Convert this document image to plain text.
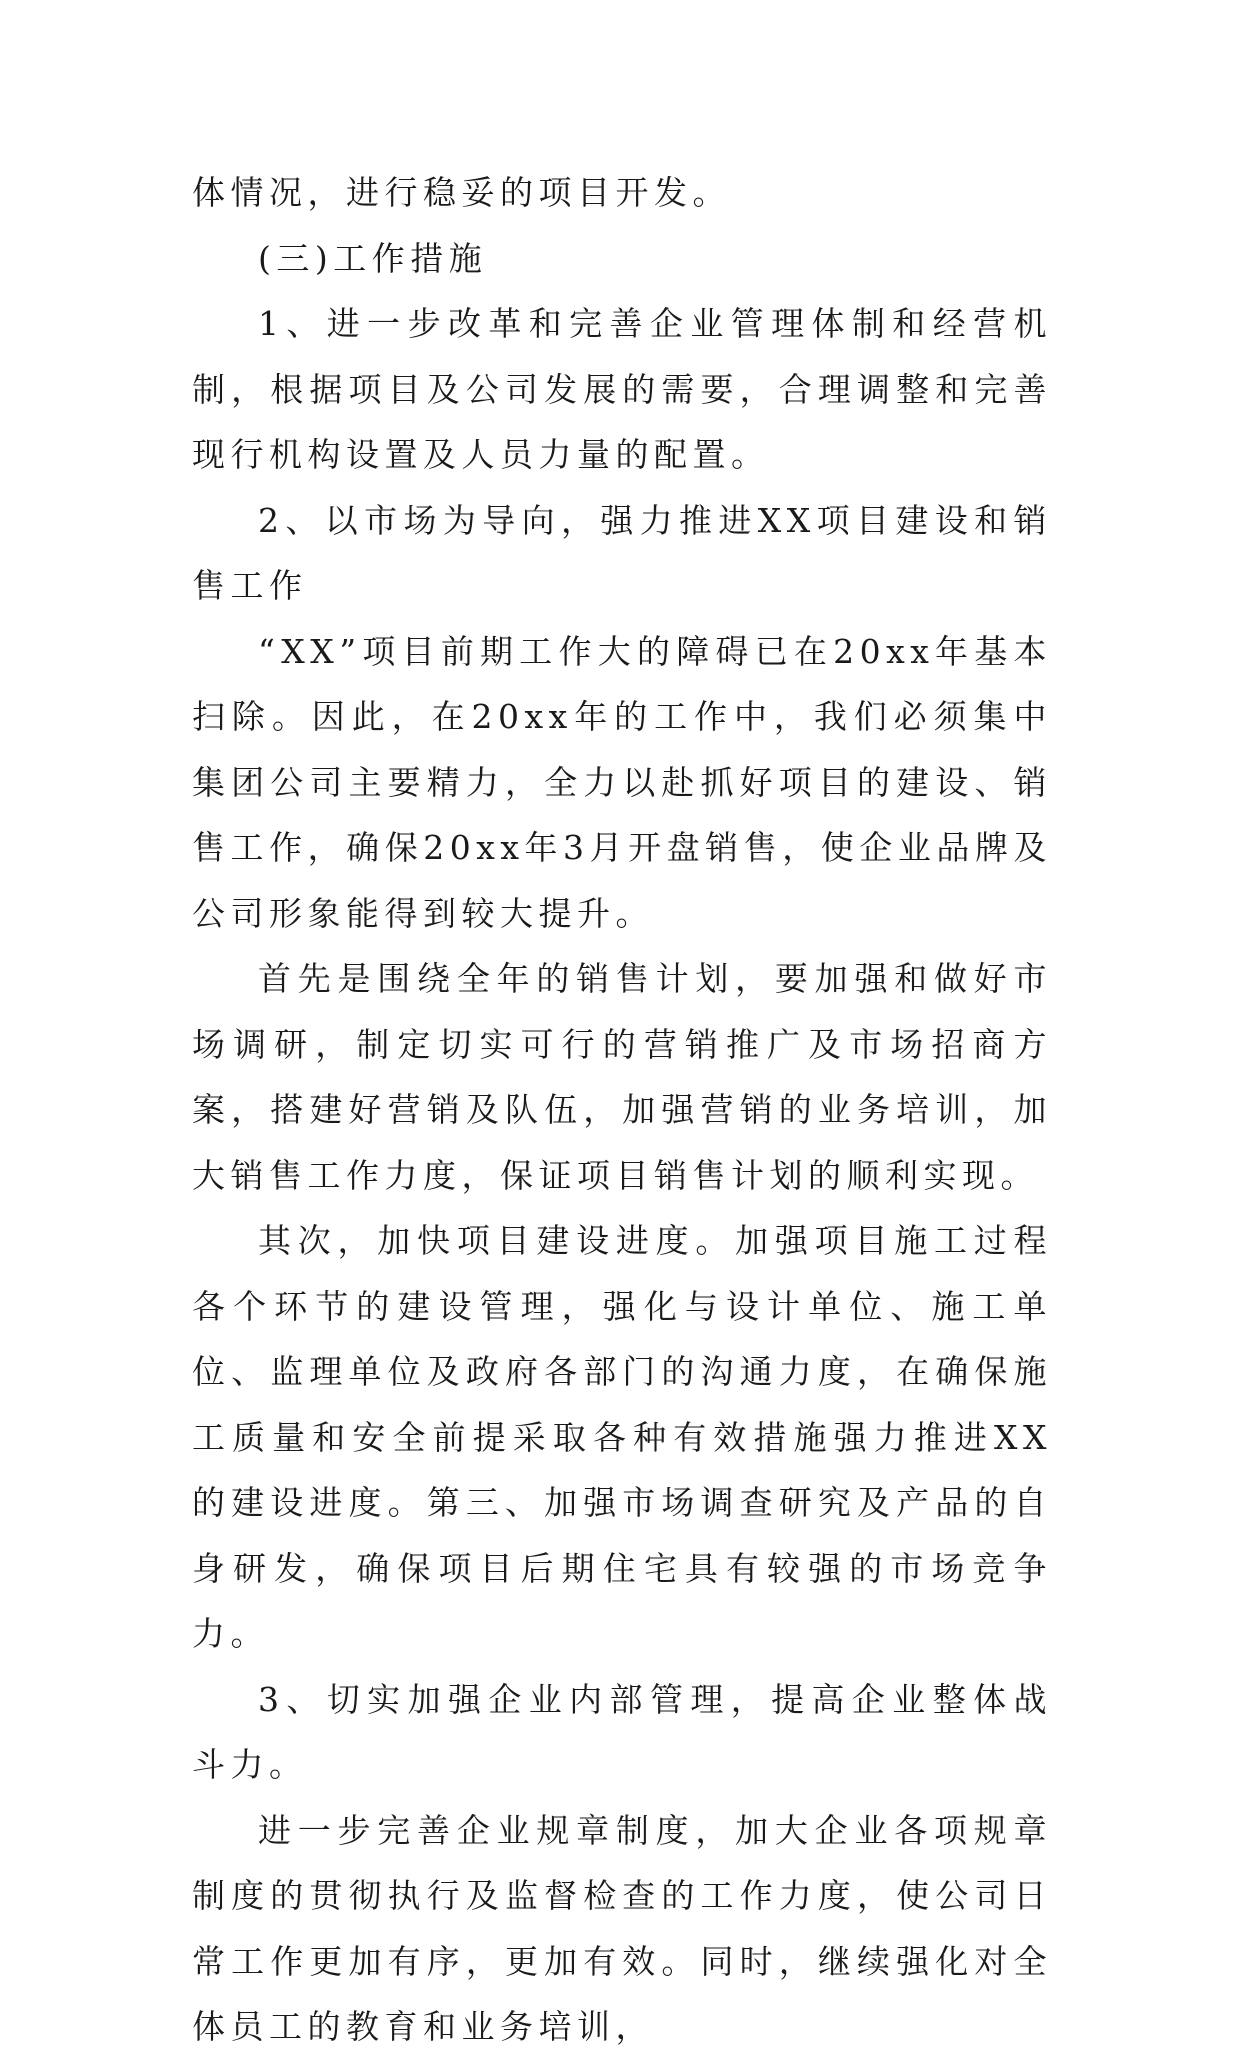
体情况，进行稳妥的项目开发。

(三)工作措施

1、进一步改革和完善企业管理体制和经营机制，根据项目及公司发展的需要，合理调整和完善现行机构设置及人员力量的配置。

2、以市场为导向，强力推进XX项目建设和销售工作

“XX”项目前期工作大的障碍已在20xx年基本扫除。因此，在20xx年的工作中，我们必须集中集团公司主要精力，全力以赴抓好项目的建设、销售工作，确保20xx年3月开盘销售，使企业品牌及公司形象能得到较大提升。

首先是围绕全年的销售计划，要加强和做好市场调研，制定切实可行的营销推广及市场招商方案，搭建好营销及队伍，加强营销的业务培训，加大销售工作力度，保证项目销售计划的顺利实现。

其次，加快项目建设进度。加强项目施工过程各个环节的建设管理，强化与设计单位、施工单位、监理单位及政府各部门的沟通力度，在确保施工质量和安全前提采取各种有效措施强力推进XX的建设进度。第三、加强市场调查研究及产品的自身研发，确保项目后期住宅具有较强的市场竞争力。

3、切实加强企业内部管理，提高企业整体战斗力。

进一步完善企业规章制度，加大企业各项规章制度的贯彻执行及监督检查的工作力度，使公司日常工作更加有序，更加有效。同时，继续强化对全体员工的教育和业务培训，
